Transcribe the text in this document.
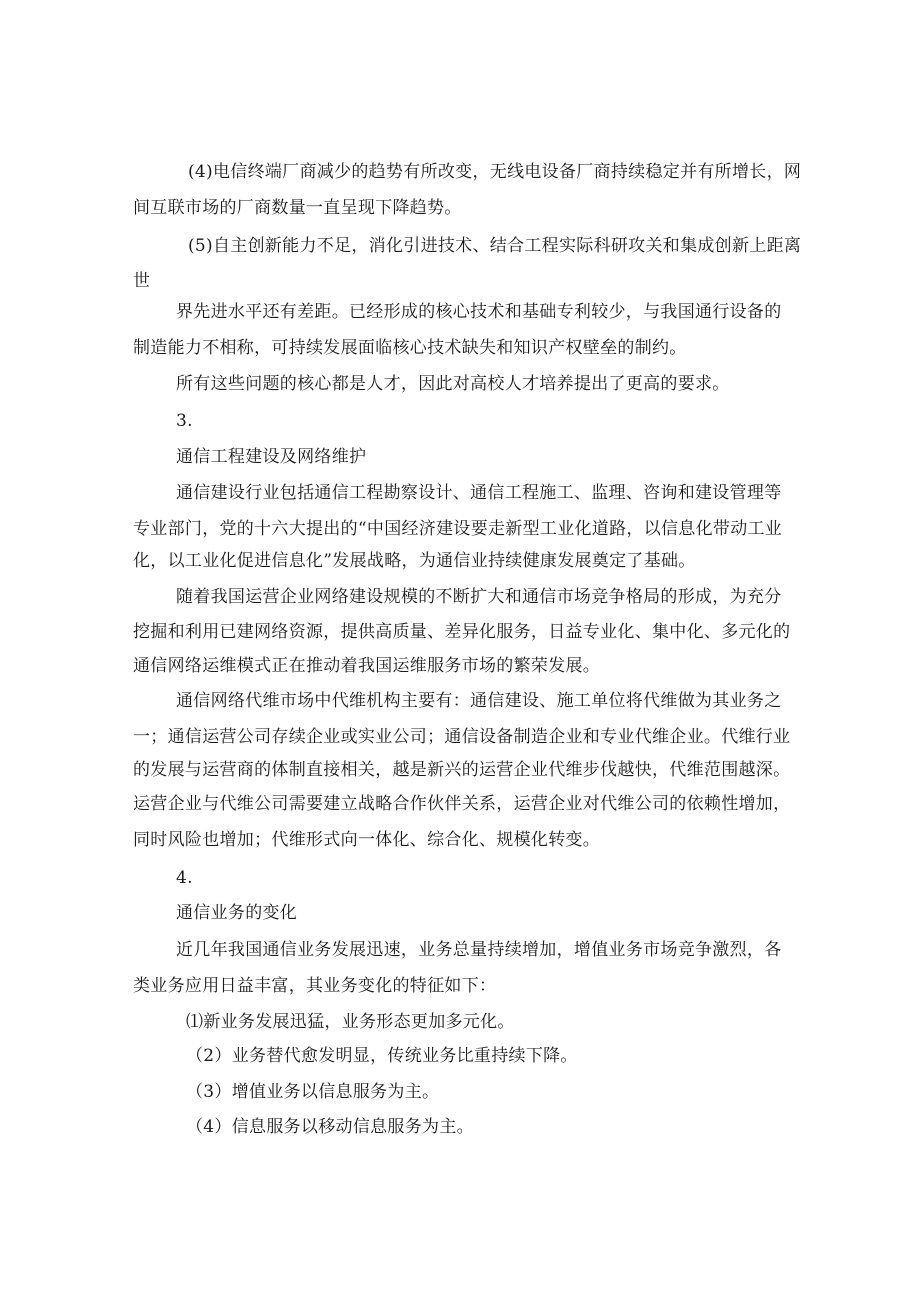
(4)电信终端厂商减少的趋势有所改变，无线电设备厂商持续稳定并有所增长，网
间互联市场的厂商数量一直呈现下降趋势。
(5)自主创新能力不足，消化引进技术、结合工程实际科研攻关和集成创新上距离
世
界先进水平还有差距。已经形成的核心技术和基础专利较少，与我国通行设备的
制造能力不相称，可持续发展面临核心技术缺失和知识产权壁垒的制约。
所有这些问题的核心都是人才，因此对高校人才培养提出了更高的要求。
3.
通信工程建设及网络维护
通信建设行业包括通信工程勘察设计、通信工程施工、监理、咨询和建设管理等
专业部门，党的十六大提出的“中国经济建设要走新型工业化道路，以信息化带动工业
化，以工业化促进信息化”发展战略，为通信业持续健康发展奠定了基础。
随着我国运营企业网络建设规模的不断扩大和通信市场竞争格局的形成，为充分
挖掘和利用已建网络资源，提供高质量、差异化服务，日益专业化、集中化、多元化的
通信网络运维模式正在推动着我国运维服务市场的繁荣发展。
通信网络代维市场中代维机构主要有：通信建设、施工单位将代维做为其业务之
一；通信运营公司存续企业或实业公司；通信设备制造企业和专业代维企业。代维行业
的发展与运营商的体制直接相关，越是新兴的运营企业代维步伐越快，代维范围越深。
运营企业与代维公司需要建立战略合作伙伴关系，运营企业对代维公司的依赖性增加，
同时风险也增加；代维形式向一体化、综合化、规模化转变。
4.
通信业务的变化
近几年我国通信业务发展迅速，业务总量持续增加，增值业务市场竞争激烈，各
类业务应用日益丰富，其业务变化的特征如下：
⑴新业务发展迅猛，业务形态更加多元化。
（2）业务替代愈发明显，传统业务比重持续下降。
（3）增值业务以信息服务为主。
（4）信息服务以移动信息服务为主。
